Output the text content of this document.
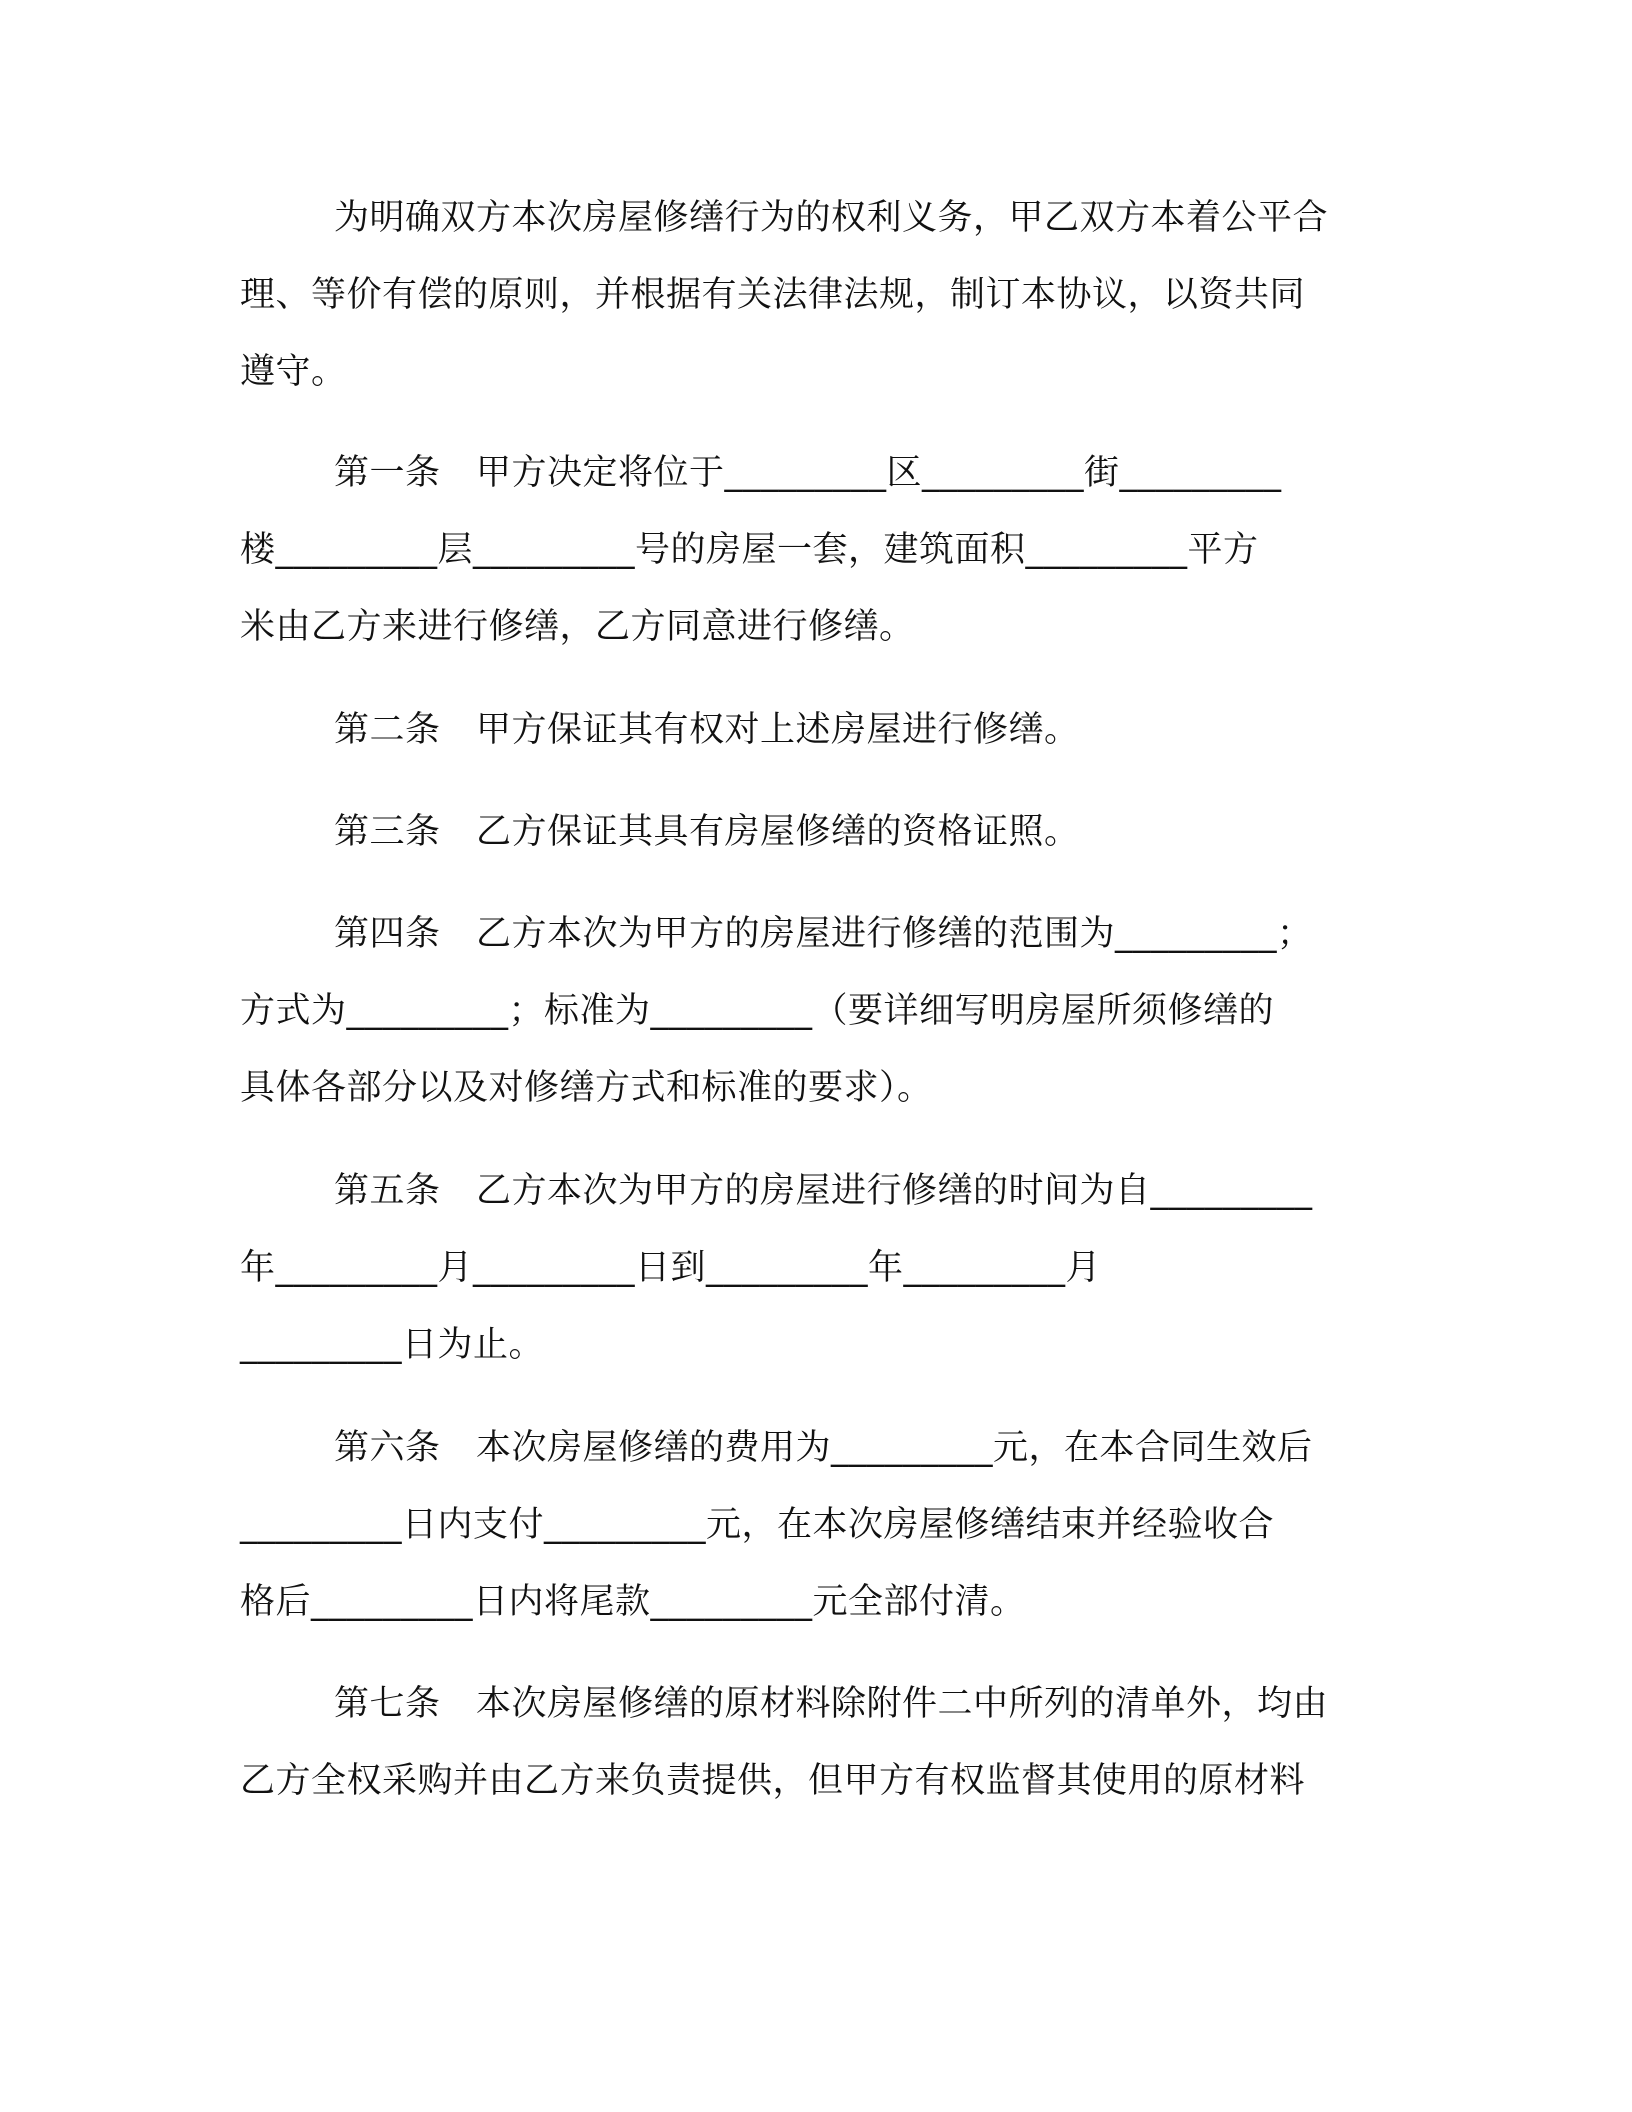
为明确双方本次房屋修缮行为的权利义务，甲乙双方本着公平合
理、等价有偿的原则，并根据有关法律法规，制订本协议，以资共同
遵守。

第一条　甲方决定将位于_________区_________街_________
楼_________层_________号的房屋一套，建筑面积_________平方
米由乙方来进行修缮，乙方同意进行修缮。

第二条　甲方保证其有权对上述房屋进行修缮。

第三条　乙方保证其具有房屋修缮的资格证照。

第四条　乙方本次为甲方的房屋进行修缮的范围为_________；
方式为_________；标准为_________（要详细写明房屋所须修缮的
具体各部分以及对修缮方式和标准的要求）。

第五条　乙方本次为甲方的房屋进行修缮的时间为自_________
年_________月_________日到_________年_________月
_________日为止。

第六条　本次房屋修缮的费用为_________元，在本合同生效后
_________日内支付_________元，在本次房屋修缮结束并经验收合
格后_________日内将尾款_________元全部付清。

第七条　本次房屋修缮的原材料除附件二中所列的清单外，均由
乙方全权采购并由乙方来负责提供，但甲方有权监督其使用的原材料
